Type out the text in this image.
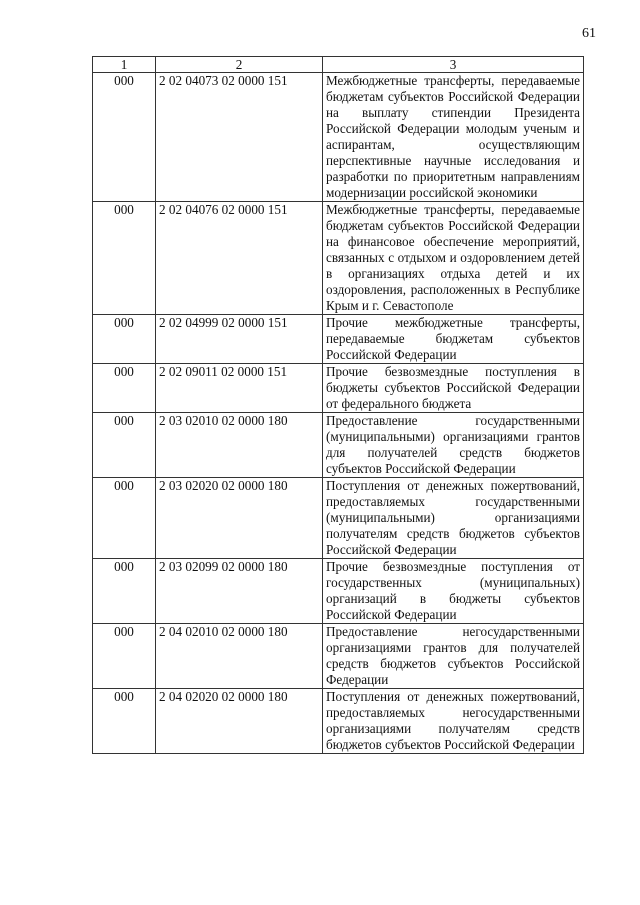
61
1	2	3
000	2 02 04073 02 0000 151	Межбюджетные трансферты, передаваемые бюджетам субъектов Российской Федерации на выплату стипендии Президента Российской Федерации молодым ученым и аспирантам, осуществляющим перспективные научные исследования и разработки по приоритетным направлениям модернизации российской экономики
000	2 02 04076 02 0000 151	Межбюджетные трансферты, передаваемые бюджетам субъектов Российской Федерации на финансовое обеспечение мероприятий, связанных с отдыхом и оздоровлением детей в организациях отдыха детей и их оздоровления, расположенных в Республике Крым и г. Севастополе
000	2 02 04999 02 0000 151	Прочие межбюджетные трансферты, передаваемые бюджетам субъектов Российской Федерации
000	2 02 09011 02 0000 151	Прочие безвозмездные поступления в бюджеты субъектов Российской Федерации от федерального бюджета
000	2 03 02010 02 0000 180	Предоставление государственными (муниципальными) организациями грантов для получателей средств бюджетов субъектов Российской Федерации
000	2 03 02020 02 0000 180	Поступления от денежных пожертвований, предоставляемых государственными (муниципальными) организациями получателям средств бюджетов субъектов Российской Федерации
000	2 03 02099 02 0000 180	Прочие безвозмездные поступления от государственных (муниципальных) организаций в бюджеты субъектов Российской Федерации
000	2 04 02010 02 0000 180	Предоставление негосударственными организациями грантов для получателей средств бюджетов субъектов Российской Федерации
000	2 04 02020 02 0000 180	Поступления от денежных пожертвований, предоставляемых негосударственными организациями получателям средств бюджетов субъектов Российской Федерации
